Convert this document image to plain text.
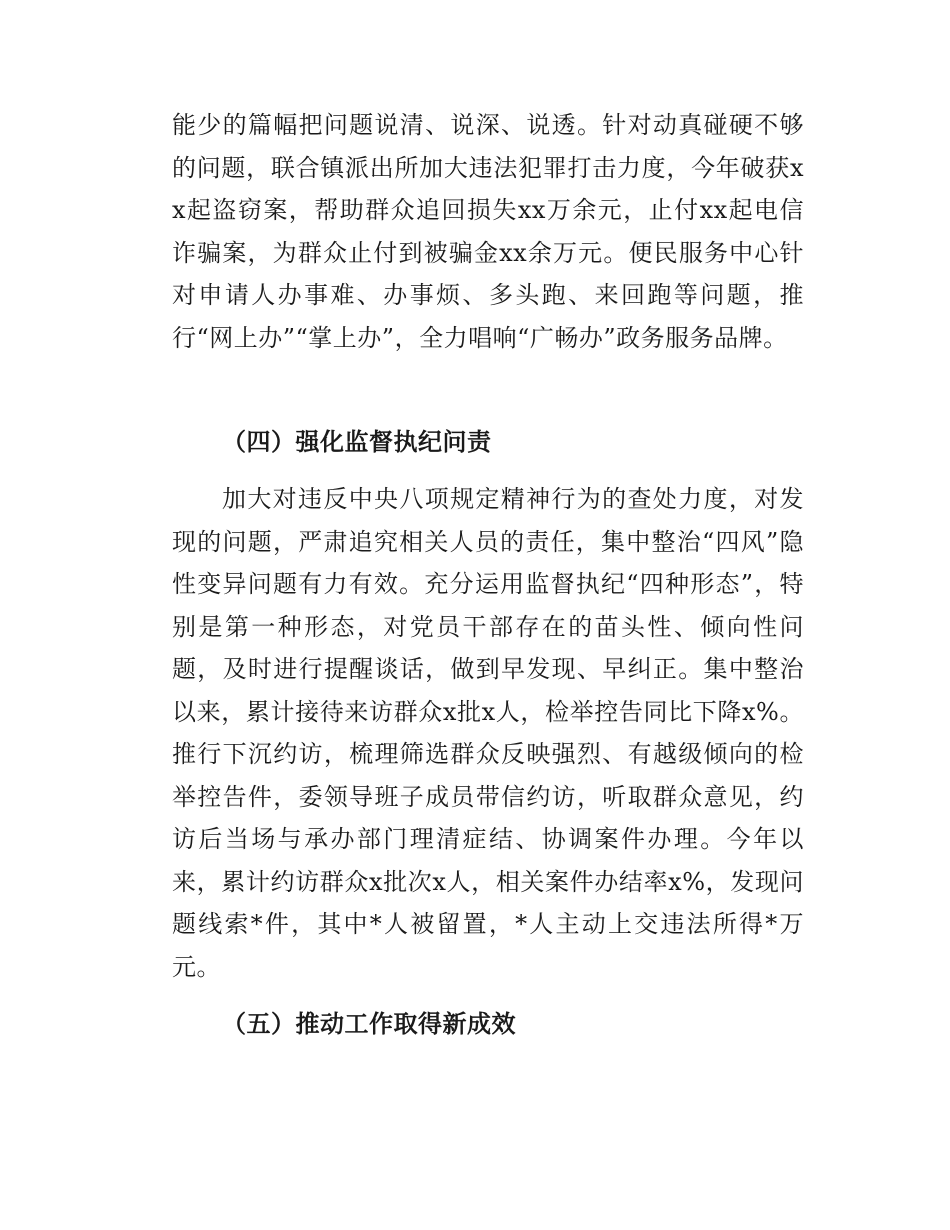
能少的篇幅把问题说清、说深、说透。针对动真碰硬不够的问题，联合镇派出所加大违法犯罪打击力度，今年破获xx起盗窃案，帮助群众追回损失xx万余元，止付xx起电信诈骗案，为群众止付到被骗金xx余万元。便民服务中心针对申请人办事难、办事烦、多头跑、来回跑等问题，推行“网上办”“掌上办”，全力唱响“广畅办”政务服务品牌。

（四）强化监督执纪问责

加大对违反中央八项规定精神行为的查处力度，对发现的问题，严肃追究相关人员的责任，集中整治“四风”隐性变异问题有力有效。充分运用监督执纪“四种形态”，特别是第一种形态，对党员干部存在的苗头性、倾向性问题，及时进行提醒谈话，做到早发现、早纠正。集中整治以来，累计接待来访群众x批x人，检举控告同比下降x%。推行下沉约访，梳理筛选群众反映强烈、有越级倾向的检举控告件，委领导班子成员带信约访，听取群众意见，约访后当场与承办部门理清症结、协调案件办理。今年以来，累计约访群众x批次x人，相关案件办结率x%，发现问题线索*件，其中*人被留置，*人主动上交违法所得*万元。

（五）推动工作取得新成效
